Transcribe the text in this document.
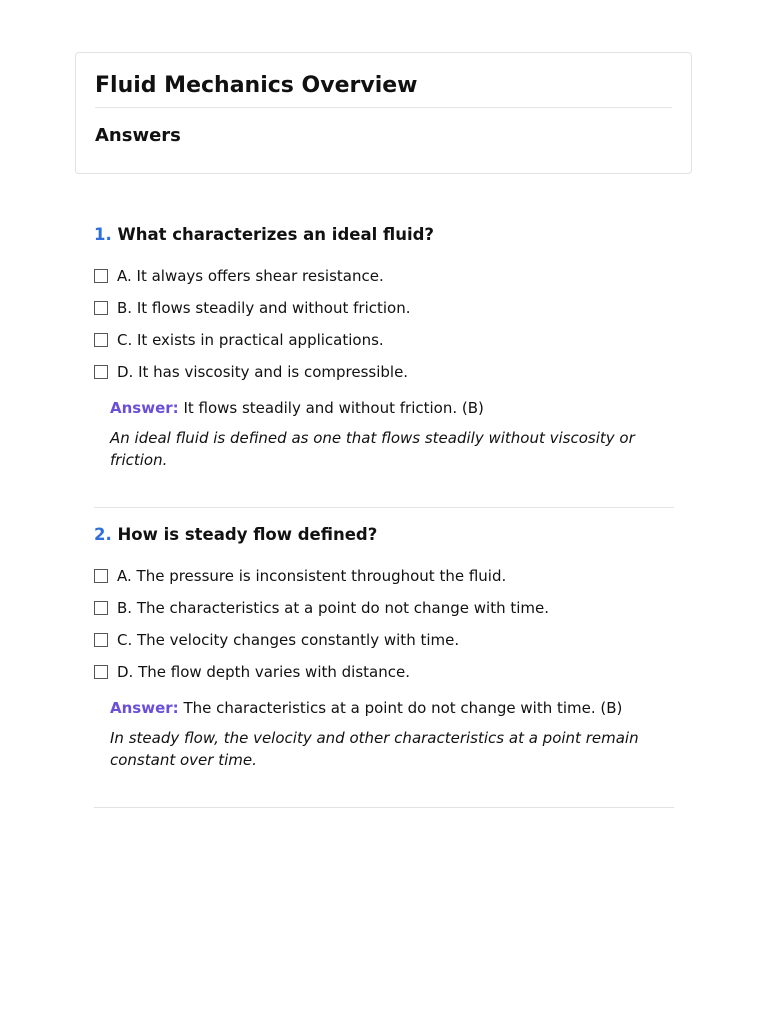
Fluid Mechanics Overview
Answers
1. What characterizes an ideal fluid?
A. It always offers shear resistance.
B. It flows steadily and without friction.
C. It exists in practical applications.
D. It has viscosity and is compressible.

Answer: It flows steadily and without friction. (B)

An ideal fluid is defined as one that flows steadily without viscosity or friction.

2. How is steady flow defined?
A. The pressure is inconsistent throughout the fluid.
B. The characteristics at a point do not change with time.
C. The velocity changes constantly with time.
D. The flow depth varies with distance.

Answer: The characteristics at a point do not change with time. (B)

In steady flow, the velocity and other characteristics at a point remain constant over time.
